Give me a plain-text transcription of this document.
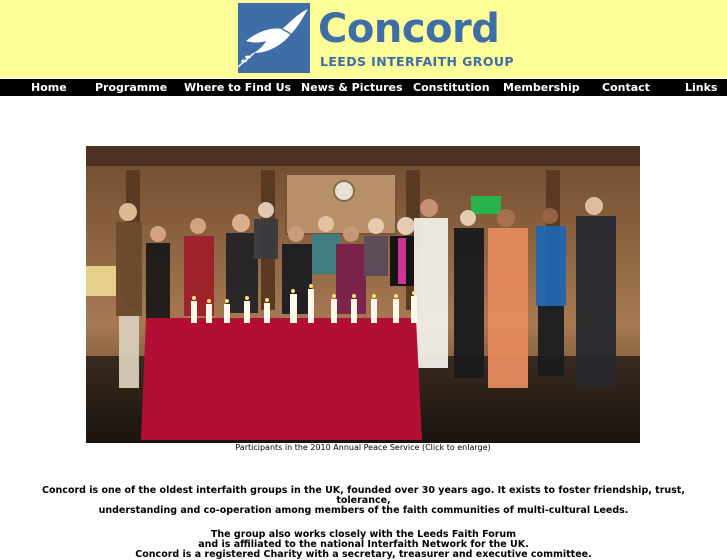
Concord
LEEDS INTERFAITH GROUP
Home	Programme Where to Find Us News & Pictures Constitution Membership Contact	Links
Participants in the 2010 Annual Peace Service (Click to enlarge)

Concord is one of the oldest interfaith groups in the UK, founded over 30 years ago. It exists to foster friendship, trust, tolerance,

understanding and co-operation among members of the faith communities of multi-cultural Leeds.

The group also works closely with the Leeds Faith Forum

and is affiliated to the national Interfaith Network for the UK.

Concord is a registered Charity with a secretary, treasurer and executive committee.
